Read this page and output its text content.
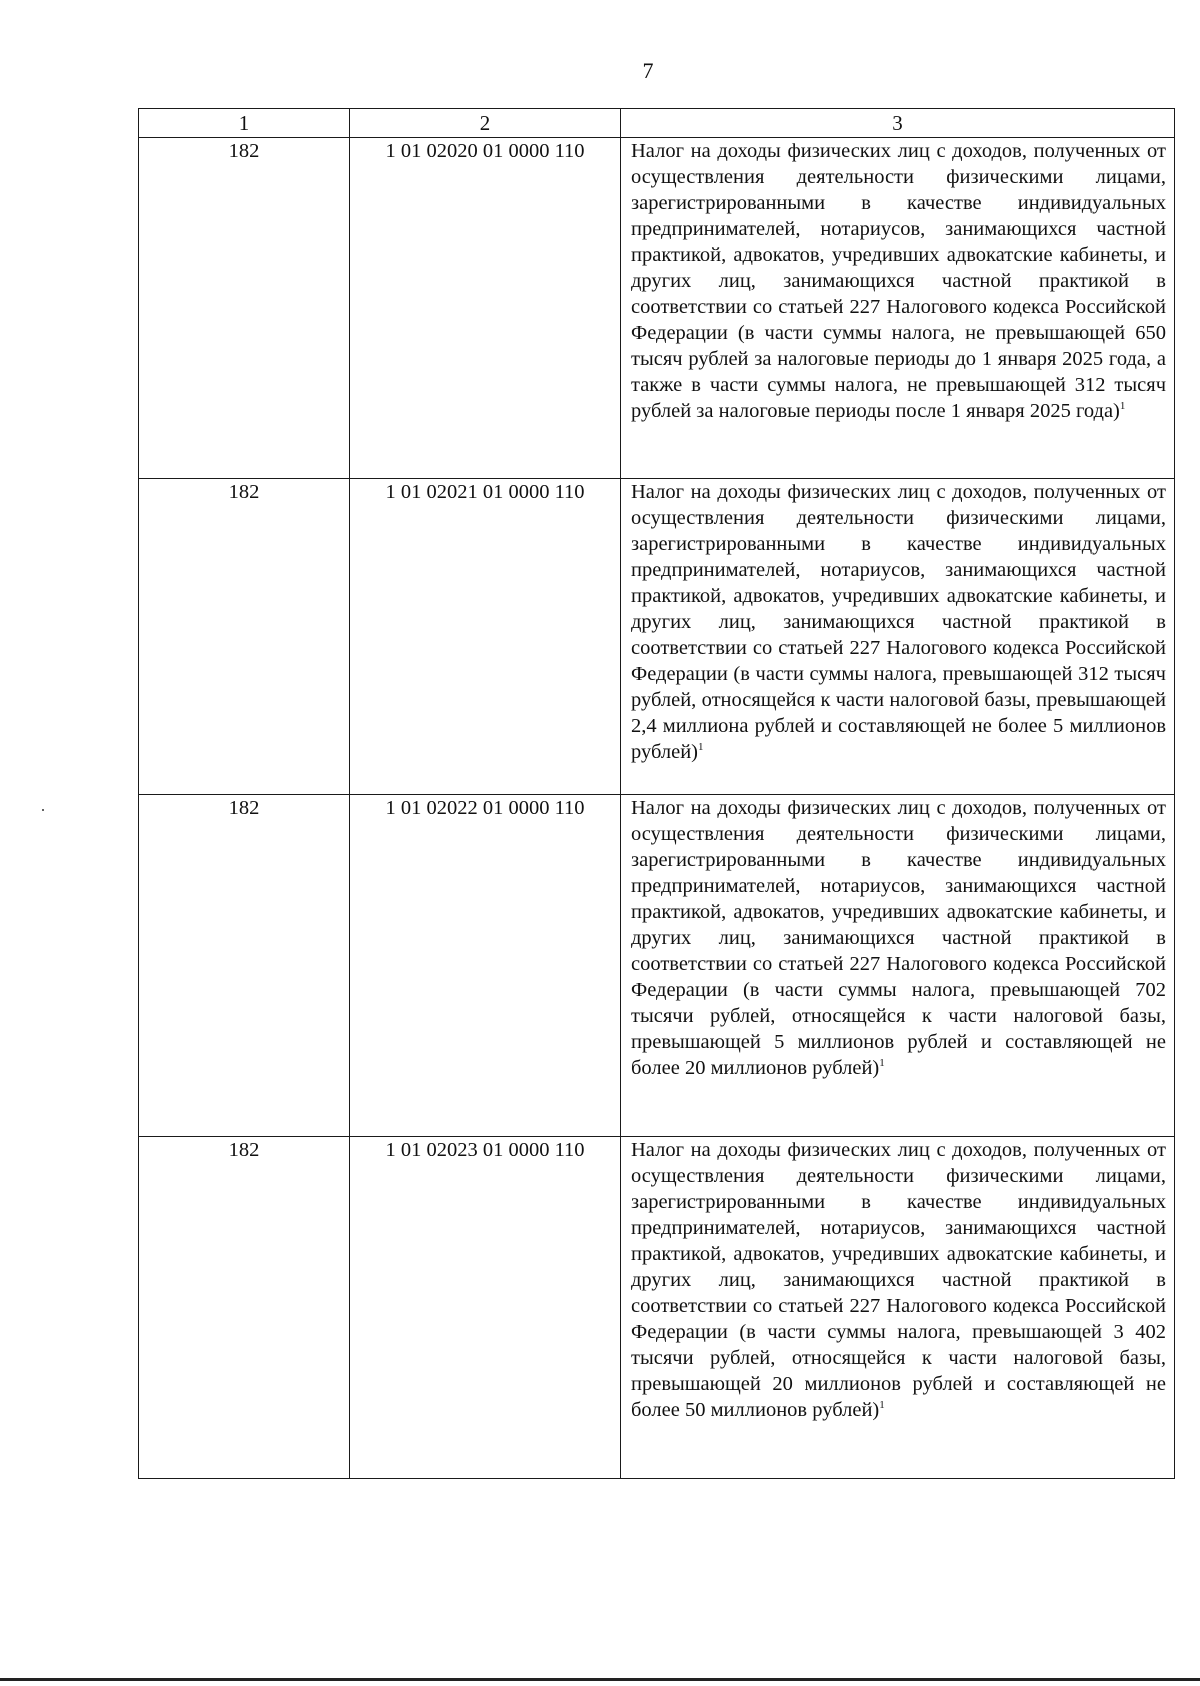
7
1	2	3
182	1 01 02020 01 0000 110	Налог на доходы физических лиц с доходов, полученных от осуществления деятельности физическими лицами, зарегистрированными в качестве индивидуальных предпринимателей, нотариусов, занимающихся частной практикой, адвокатов, учредивших адвокатские кабинеты, и других лиц, занимающихся частной практикой в соответствии со статьей 227 Налогового кодекса Российской Федерации (в части суммы налога, не превышающей 650 тысяч рублей за налоговые периоды до 1 января 2025 года, а также в части суммы налога, не превышающей 312 тысяч рублей за налоговые периоды после 1 января 2025 года)$^1$
182	1 01 02021 01 0000 110	Налог на доходы физических лиц с доходов, полученных от осуществления деятельности физическими лицами, зарегистрированными в качестве индивидуальных предпринимателей, нотариусов, занимающихся частной практикой, адвокатов, учредивших адвокатские кабинеты, и других лиц, занимающихся частной практикой в соответствии со статьей 227 Налогового кодекса Российской Федерации (в части суммы налога, превышающей 312 тысяч рублей, относящейся к части налоговой базы, превышающей 2,4 миллиона рублей и составляющей не более 5 миллионов рублей)$^1$
182	1 01 02022 01 0000 110	Налог на доходы физических лиц с доходов, полученных от осуществления деятельности физическими лицами, зарегистрированными в качестве индивидуальных предпринимателей, нотариусов, занимающихся частной практикой, адвокатов, учредивших адвокатские кабинеты, и других лиц, занимающихся частной практикой в соответствии со статьей 227 Налогового кодекса Российской Федерации (в части суммы налога, превышающей 702 тысячи рублей, относящейся к части налоговой базы, превышающей 5 миллионов рублей и составляющей не более 20 миллионов рублей)$^1$
182	1 01 02023 01 0000 110	Налог на доходы физических лиц с доходов, полученных от осуществления деятельности физическими лицами, зарегистрированными в качестве индивидуальных предпринимателей, нотариусов, занимающихся частной практикой, адвокатов, учредивших адвокатские кабинеты, и других лиц, занимающихся частной практикой в соответствии со статьей 227 Налогового кодекса Российской Федерации (в части суммы налога, превышающей 3 402 тысячи рублей, относящейся к части налоговой базы, превышающей 20 миллионов рублей и составляющей не более 50 миллионов рублей)$^1$
